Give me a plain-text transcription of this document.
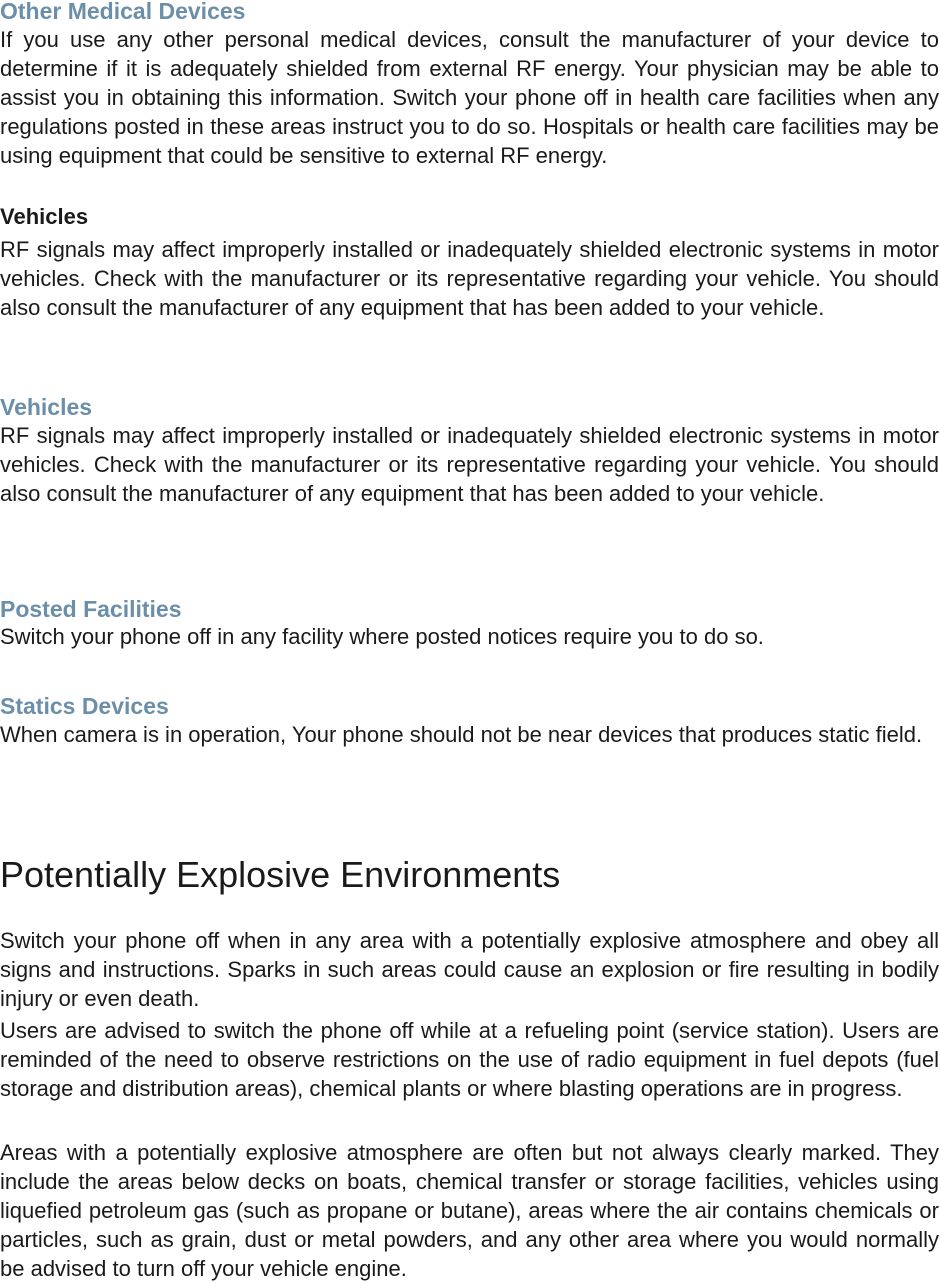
Other Medical Devices

If you use any other personal medical devices, consult the manufacturer of your device to determine if it is adequately shielded from external RF energy. Your physician may be able to assist you in obtaining this information. Switch your phone off in health care facilities when any regulations posted in these areas instruct you to do so. Hospitals or health care facilities may be using equipment that could be sensitive to external RF energy.

Vehicles

RF signals may affect improperly installed or inadequately shielded electronic systems in motor vehicles. Check with the manufacturer or its representative regarding your vehicle. You should also consult the manufacturer of any equipment that has been added to your vehicle.

Vehicles

RF signals may affect improperly installed or inadequately shielded electronic systems in motor vehicles. Check with the manufacturer or its representative regarding your vehicle. You should also consult the manufacturer of any equipment that has been added to your vehicle.

Posted Facilities

Switch your phone off in any facility where posted notices require you to do so.

Statics Devices

When camera is in operation, Your phone should not be near devices that produces static field.

Potentially Explosive Environments

Switch your phone off when in any area with a potentially explosive atmosphere and obey all signs and instructions. Sparks in such areas could cause an explosion or fire resulting in bodily injury or even death.

Users are advised to switch the phone off while at a refueling point (service station). Users are reminded of the need to observe restrictions on the use of radio equipment in fuel depots (fuel storage and distribution areas), chemical plants or where blasting operations are in progress.

Areas with a potentially explosive atmosphere are often but not always clearly marked. They include the areas below decks on boats, chemical transfer or storage facilities, vehicles using liquefied petroleum gas (such as propane or butane), areas where the air contains chemicals or particles, such as grain, dust or metal powders, and any other area where you would normally be advised to turn off your vehicle engine.
